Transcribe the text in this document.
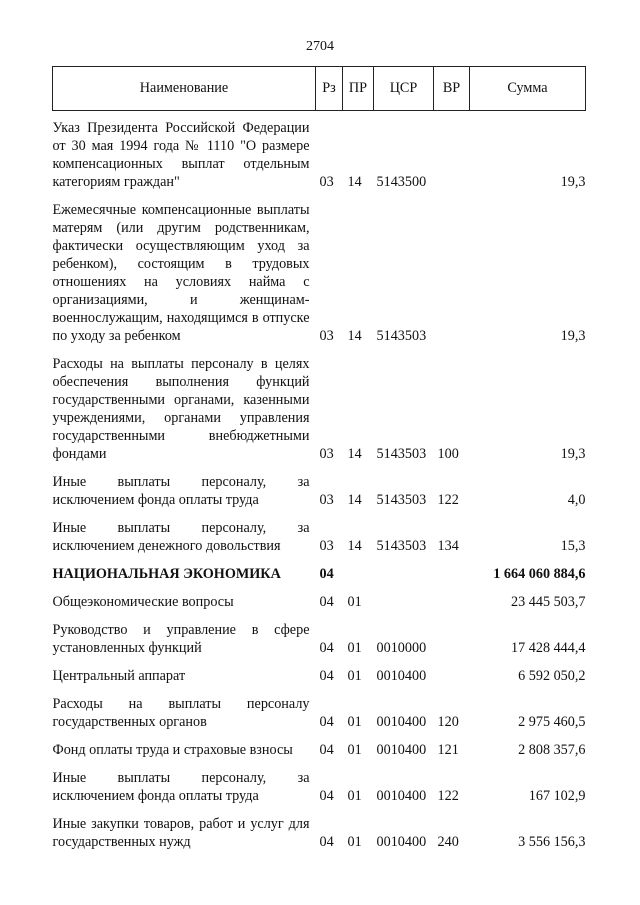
2704
Наименование	Рз	ПР	ЦСР	ВР	Сумма
Указ Президента Российской Федерации от 30 мая 1994 года № 1110 "О размере компенсационных выплат отдельным категориям граждан"	03	14	5143500		19,3
Ежемесячные компенсационные выплаты матерям (или другим родственникам, фактически осуществляющим уход за ребенком), состоящим в трудовых отношениях на условиях найма с организациями, и женщинам-военнослужащим, находящимся в отпуске по уходу за ребенком	03	14	5143503		19,3
Расходы на выплаты персоналу в целях обеспечения выполнения функций государственными органами, казенными учреждениями, органами управления государственными внебюджетными фондами	03	14	5143503	100	19,3
Иные выплаты персоналу, за исключением фонда оплаты труда	03	14	5143503	122	4,0
Иные выплаты персоналу, за исключением денежного довольствия	03	14	5143503	134	15,3
НАЦИОНАЛЬНАЯ ЭКОНОМИКА	04				1 664 060 884,6
Общеэкономические вопросы	04	01			23 445 503,7
Руководство и управление в сфере установленных функций	04	01	0010000		17 428 444,4
Центральный аппарат	04	01	0010400		6 592 050,2
Расходы на выплаты персоналу государственных органов	04	01	0010400	120	2 975 460,5
Фонд оплаты труда и страховые взносы	04	01	0010400	121	2 808 357,6
Иные выплаты персоналу, за исключением фонда оплаты труда	04	01	0010400	122	167 102,9
Иные закупки товаров, работ и услуг для государственных нужд	04	01	0010400	240	3 556 156,3
